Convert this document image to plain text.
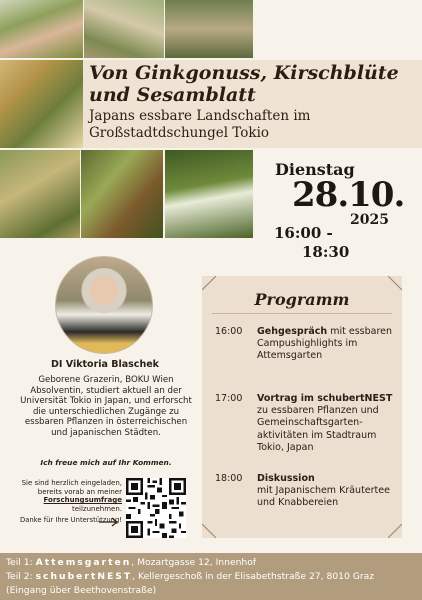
Von Ginkgonuss, Kirschblüte und Sesamblatt
Japans essbare Landschaften im Großstadtdschungel Tokio
Dienstag
28.10.
2025
16:00 -
18:30
DI Viktoria Blaschek
Geborene Grazerin, BOKU Wien Absolventin, studiert aktuell an der Universität Tokio in Japan, und erforscht die unterschiedlichen Zugänge zu essbaren Pflanzen in österreichischen und japanischen Städten.
Ich freue mich auf Ihr Kommen.
Sie sind herzlich eingeladen,
bereits vorab an meiner
Forschungsumfrage
teilzunehmen.
Danke für Ihre Unterstützung!
Programm
16:00 Gehgespräch mit essbaren Campushighlights im Attemsgarten
17:00 Vortrag im schubertNEST zu essbaren Pflanzen und Gemeinschaftsgarten-aktivitäten im Stadtraum Tokio, Japan
18:00 Diskussion
mit Japanischem Kräutertee und Knabbereien
Teil 1: Attemsgarten, Mozartgasse 12, Innenhof
Teil 2: schubertNEST, Kellergeschoß in der Elisabethstraße 27, 8010 Graz
(Eingang über Beethovenstraße)
